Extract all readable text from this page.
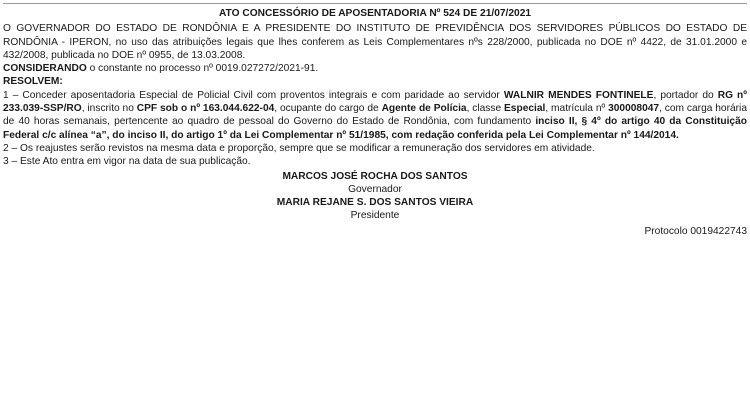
ATO CONCESSÓRIO DE APOSENTADORIA Nº 524 DE 21/07/2021

O GOVERNADOR DO ESTADO DE RONDÔNIA E A PRESIDENTE DO INSTITUTO DE PREVIDÊNCIA DOS SERVIDORES PÚBLICOS DO ESTADO DE RONDÔNIA - IPERON, no uso das atribuições legais que lhes conferem as Leis Complementares nºs 228/2000, publicada no DOE nº 4422, de 31.01.2000 e 432/2008, publicada no DOE nº 0955, de 13.03.2008.

CONSIDERANDO o constante no processo nº 0019.027272/2021-91.

RESOLVEM:

1 – Conceder aposentadoria Especial de Policial Civil com proventos integrais e com paridade ao servidor WALNIR MENDES FONTINELE, portador do RG nº 233.039-SSP/RO, inscrito no CPF sob o nº 163.044.622-04, ocupante do cargo de Agente de Polícia, classe Especial, matrícula nº 300008047, com carga horária de 40 horas semanais, pertencente ao quadro de pessoal do Governo do Estado de Rondônia, com fundamento inciso II, § 4º do artigo 40 da Constituição Federal c/c alínea “a”, do inciso II, do artigo 1º da Lei Complementar nº 51/1985, com redação conferida pela Lei Complementar nº 144/2014.

2 – Os reajustes serão revistos na mesma data e proporção, sempre que se modificar a remuneração dos servidores em atividade.

3 – Este Ato entra em vigor na data de sua publicação.

MARCOS JOSÉ ROCHA DOS SANTOS

Governador

MARIA REJANE S. DOS SANTOS VIEIRA

Presidente

Protocolo 0019422743
